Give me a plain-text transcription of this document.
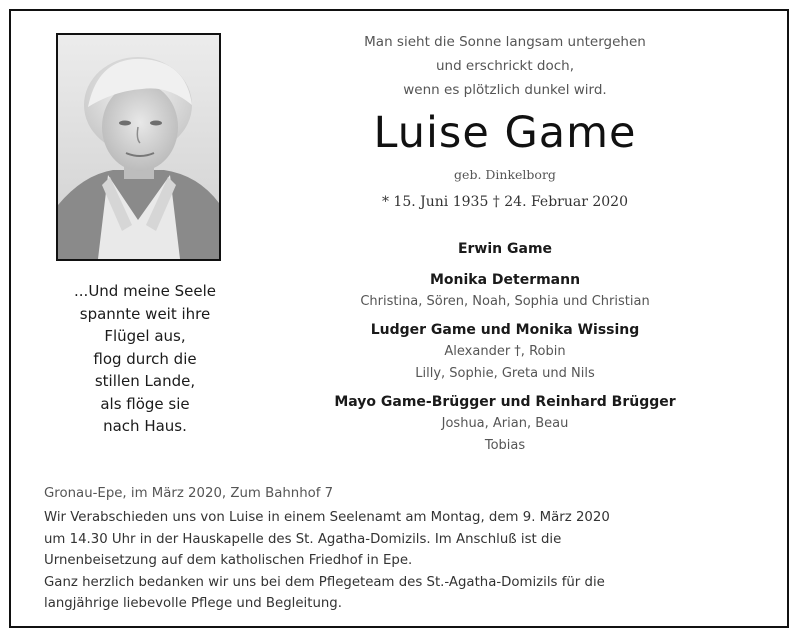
...Und meine Seele
spannte weit ihre
Flügel aus,
flog durch die
stillen Lande,
als flöge sie
nach Haus.
Man sieht die Sonne langsam untergehen
und erschrickt doch,
wenn es plötzlich dunkel wird.
Luise Game
geb. Dinkelborg
* 15. Juni 1935 † 24. Februar 2020
Erwin Game
Monika Determann
Christina, Sören, Noah, Sophia und Christian
Ludger Game und Monika Wissing
Alexander †, Robin
Lilly, Sophie, Greta und Nils
Mayo Game-Brügger und Reinhard Brügger
Joshua, Arian, Beau
Tobias
Gronau-Epe, im März 2020, Zum Bahnhof 7
Wir Verabschieden uns von Luise in einem Seelenamt am Montag, dem 9. März 2020
um 14.30 Uhr in der Hauskapelle des St. Agatha-Domizils. Im Anschluß ist die
Urnenbeisetzung auf dem katholischen Friedhof in Epe.
Ganz herzlich bedanken wir uns bei dem Pflegeteam des St.-Agatha-Domizils für die
langjährige liebevolle Pflege und Begleitung.
